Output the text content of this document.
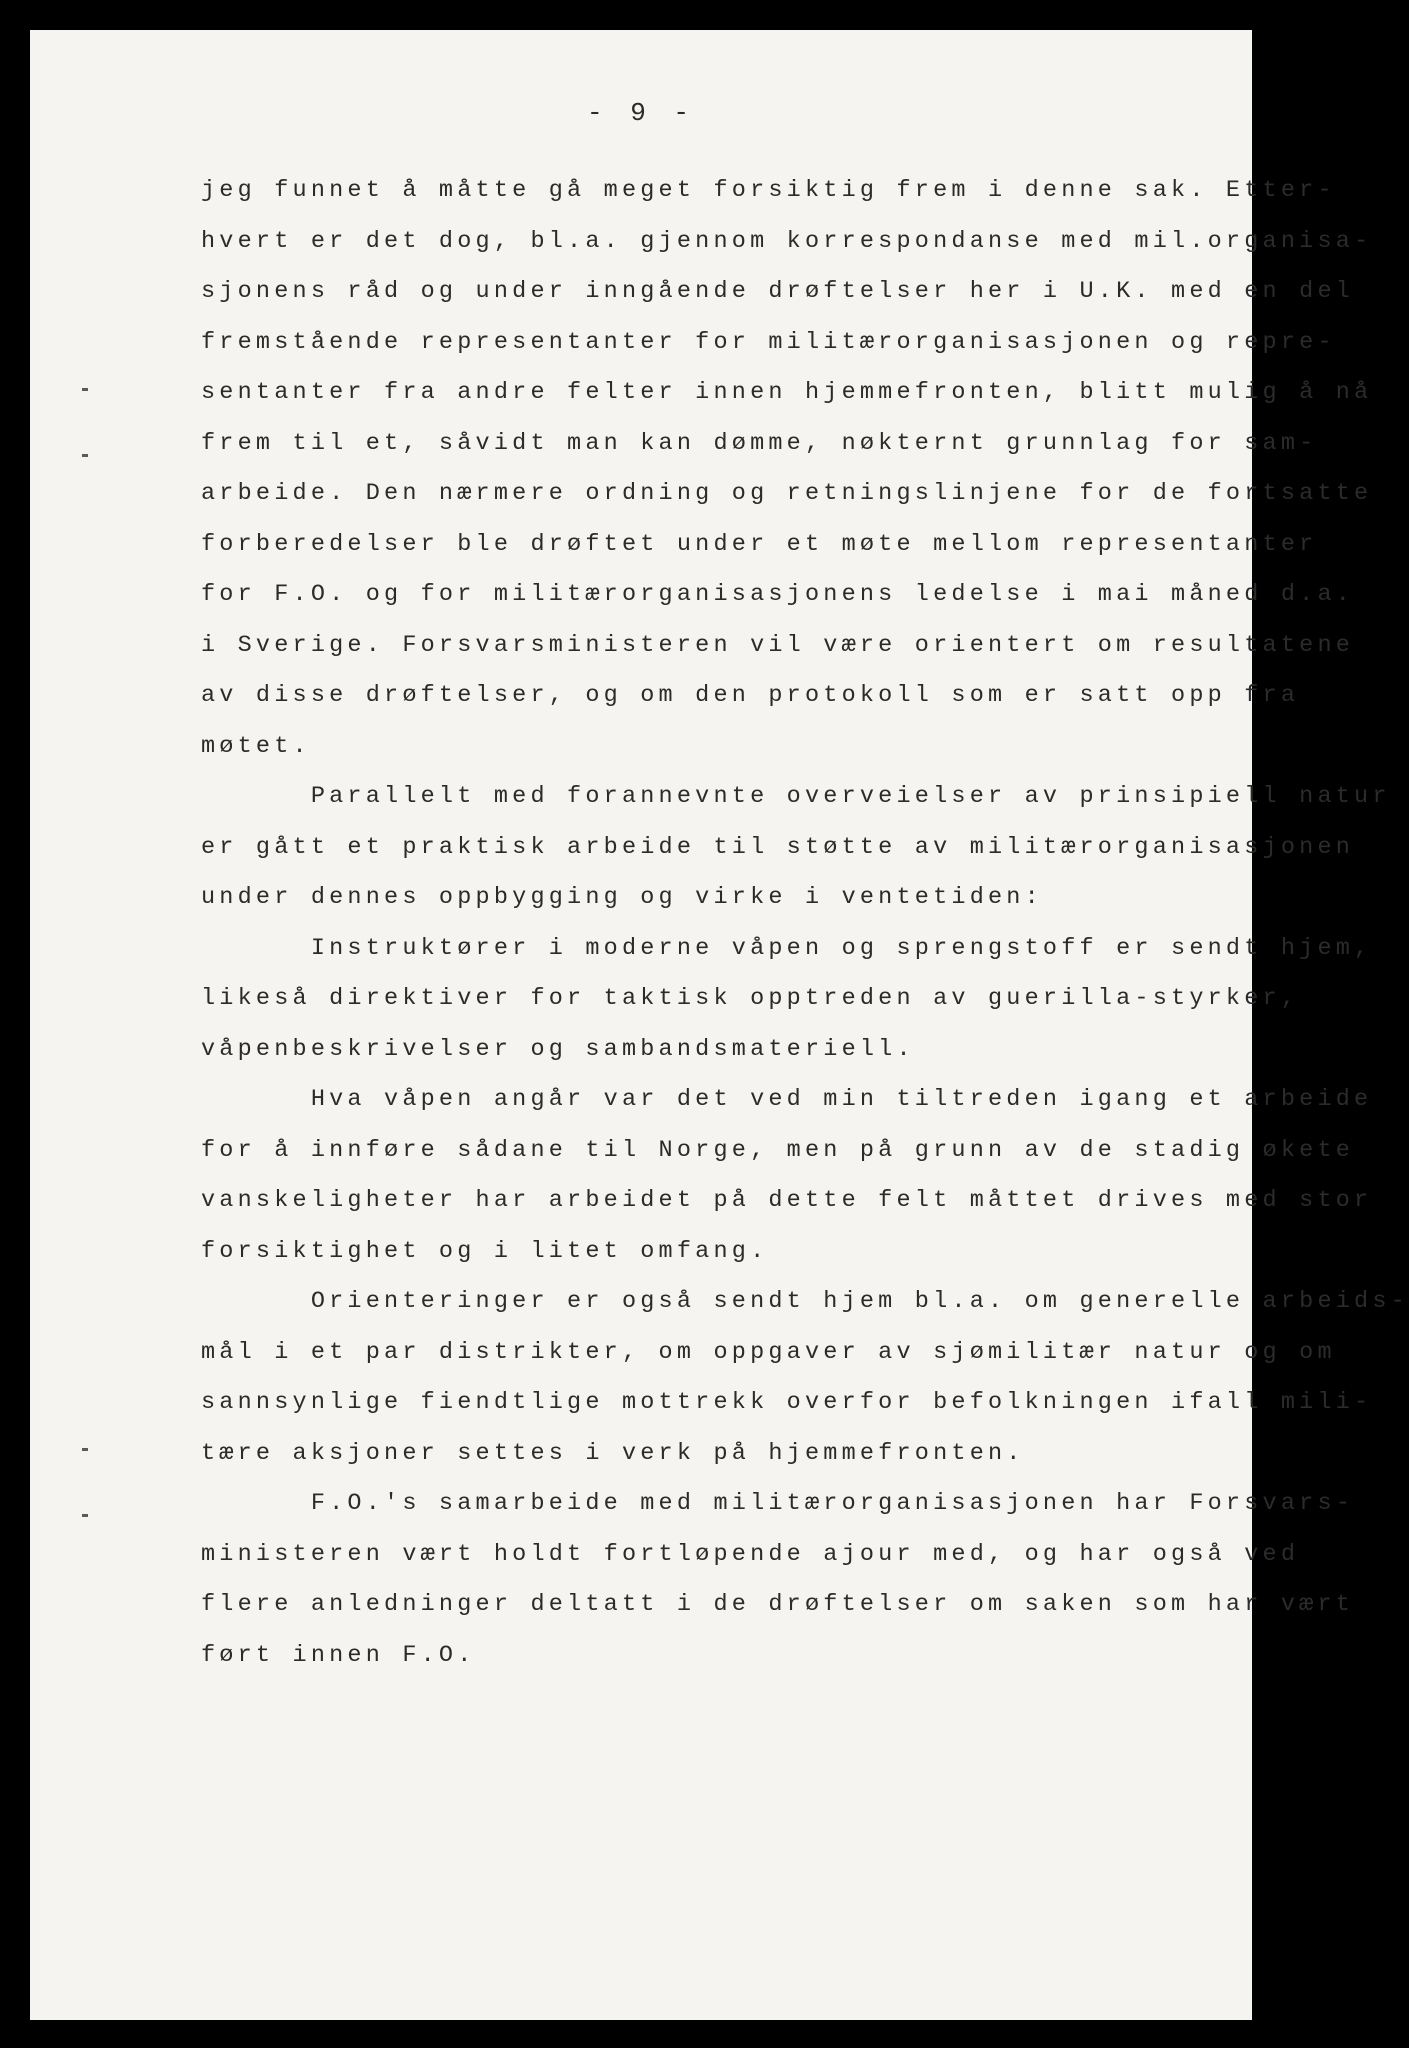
- 9 -
jeg funnet å måtte gå meget forsiktig frem i denne sak. Etter-
hvert er det dog, bl.a. gjennom korrespondanse med mil.organisa-
sjonens råd og under inngående drøftelser her i U.K. med en del
fremstående representanter for militærorganisasjonen og repre-
sentanter fra andre felter innen hjemmefronten, blitt mulig å nå
frem til et, såvidt man kan dømme, nøkternt grunnlag for sam-
arbeide. Den nærmere ordning og retningslinjene for de fortsatte
forberedelser ble drøftet under et møte mellom representanter
for F.O. og for militærorganisasjonens ledelse i mai måned d.a.
i Sverige. Forsvarsministeren vil være orientert om resultatene
av disse drøftelser, og om den protokoll som er satt opp fra
møtet.
Parallelt med forannevnte overveielser av prinsipiell natur
er gått et praktisk arbeide til støtte av militærorganisasjonen
under dennes oppbygging og virke i ventetiden:
Instruktører i moderne våpen og sprengstoff er sendt hjem,
likeså direktiver for taktisk opptreden av guerilla-styrker,
våpenbeskrivelser og sambandsmateriell.
Hva våpen angår var det ved min tiltreden igang et arbeide
for å innføre sådane til Norge, men på grunn av de stadig økete
vanskeligheter har arbeidet på dette felt måttet drives med stor
forsiktighet og i litet omfang.
Orienteringer er også sendt hjem bl.a. om generelle arbeids-
mål i et par distrikter, om oppgaver av sjømilitær natur og om
sannsynlige fiendtlige mottrekk overfor befolkningen ifall mili-
tære aksjoner settes i verk på hjemmefronten.
F.O.'s samarbeide med militærorganisasjonen har Forsvars-
ministeren vært holdt fortløpende ajour med, og har også ved
flere anledninger deltatt i de drøftelser om saken som har vært
ført innen F.O.
